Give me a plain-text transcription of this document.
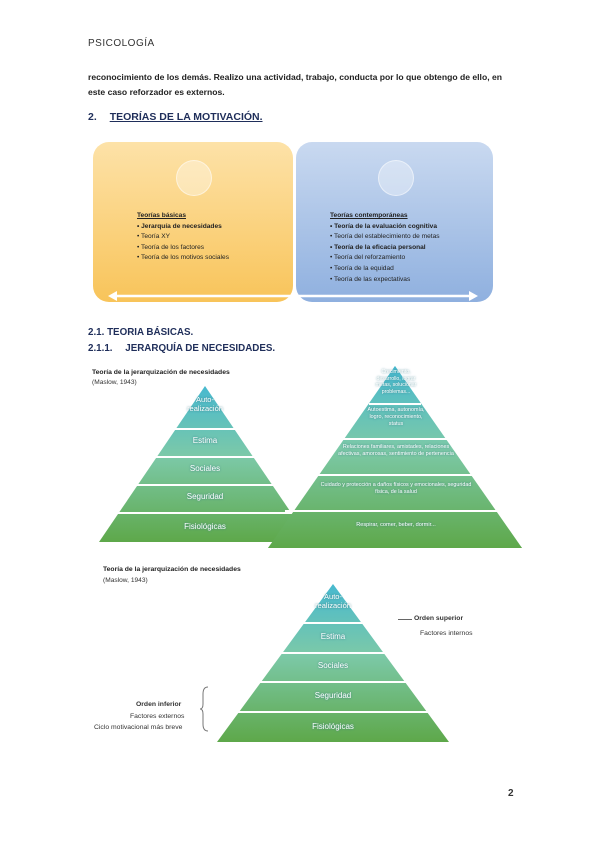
PSICOLOGÍA
reconocimiento de los demás. Realizo una actividad, trabajo, conducta por lo que obtengo de ello, en este caso reforzador es externos.
2. TEORÍAS DE LA MOTIVACIÓN.
Teorías básicas
• Jerarquía de necesidades
• Teoría XY
• Teoría de los factores
• Teoría de los motivos sociales
Teorías contemporáneas
• Teoría de la evaluación cognitiva
• Teoría del establecimiento de metas
• Teoría de la eficacia personal
• Teoría del reforzamiento
• Teoría de la equidad
• Teoría de las expectativas
2.1. TEORIA BÁSICAS.
2.1.1. JERARQUÍA DE NECESIDADES.
Teoría de la jerarquización de necesidades
(Maslow, 1943)
Auto-realización
Estima
Sociales
Seguridad
Fisiológicas
Crecimiento, desarrollo, lograr metas, solucionar problemas...
Autoestima, autonomía, logro, reconocimiento, status
Relaciones familiares, amistades, relaciones afectivas, amorosas, sentimiento de pertenencia
Cuidado y protección a daños físicos y emocionales, seguridad física, de la salud
Respirar, comer, beber, dormir...
Teoría de la jerarquización de necesidades
(Maslow, 1943)
Auto-realización
Estima
Sociales
Seguridad
Fisiológicas
Orden superior
Factores internos
Orden inferior
Factores externos
Ciclo motivacional más breve
2
